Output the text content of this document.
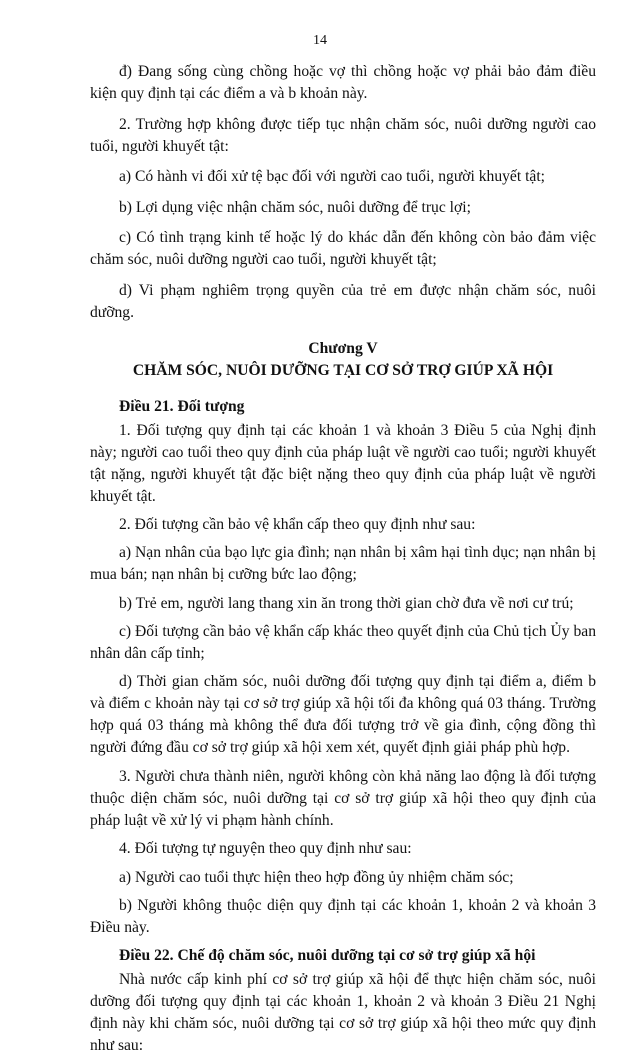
14

đ) Đang sống cùng chồng hoặc vợ thì chồng hoặc vợ phải bảo đảm điều kiện quy định tại các điểm a và b khoản này.

2. Trường hợp không được tiếp tục nhận chăm sóc, nuôi dưỡng người cao tuổi, người khuyết tật:

a) Có hành vi đối xử tệ bạc đối với người cao tuổi, người khuyết tật;

b) Lợi dụng việc nhận chăm sóc, nuôi dưỡng để trục lợi;

c) Có tình trạng kinh tế hoặc lý do khác dẫn đến không còn bảo đảm việc chăm sóc, nuôi dưỡng người cao tuổi, người khuyết tật;

d) Vi phạm nghiêm trọng quyền của trẻ em được nhận chăm sóc, nuôi dưỡng.

Chương V

CHĂM SÓC, NUÔI DƯỠNG TẠI CƠ SỞ TRỢ GIÚP XÃ HỘI

Điều 21. Đối tượng

1. Đối tượng quy định tại các khoản 1 và khoản 3 Điều 5 của Nghị định này; người cao tuổi theo quy định của pháp luật về người cao tuổi; người khuyết tật nặng, người khuyết tật đặc biệt nặng theo quy định của pháp luật về người khuyết tật.

2. Đối tượng cần bảo vệ khẩn cấp theo quy định như sau:

a) Nạn nhân của bạo lực gia đình; nạn nhân bị xâm hại tình dục; nạn nhân bị mua bán; nạn nhân bị cưỡng bức lao động;

b) Trẻ em, người lang thang xin ăn trong thời gian chờ đưa về nơi cư trú;

c) Đối tượng cần bảo vệ khẩn cấp khác theo quyết định của Chủ tịch Ủy ban nhân dân cấp tỉnh;

d) Thời gian chăm sóc, nuôi dưỡng đối tượng quy định tại điểm a, điểm b và điểm c khoản này tại cơ sở trợ giúp xã hội tối đa không quá 03 tháng. Trường hợp quá 03 tháng mà không thể đưa đối tượng trở về gia đình, cộng đồng thì người đứng đầu cơ sở trợ giúp xã hội xem xét, quyết định giải pháp phù hợp.

3. Người chưa thành niên, người không còn khả năng lao động là đối tượng thuộc diện chăm sóc, nuôi dưỡng tại cơ sở trợ giúp xã hội theo quy định của pháp luật về xử lý vi phạm hành chính.

4. Đối tượng tự nguyện theo quy định như sau:

a) Người cao tuổi thực hiện theo hợp đồng ủy nhiệm chăm sóc;

b) Người không thuộc diện quy định tại các khoản 1, khoản 2 và khoản 3 Điều này.

Điều 22. Chế độ chăm sóc, nuôi dưỡng tại cơ sở trợ giúp xã hội

Nhà nước cấp kinh phí cơ sở trợ giúp xã hội để thực hiện chăm sóc, nuôi dưỡng đối tượng quy định tại các khoản 1, khoản 2 và khoản 3 Điều 21 Nghị định này khi chăm sóc, nuôi dưỡng tại cơ sở trợ giúp xã hội theo mức quy định như sau:
